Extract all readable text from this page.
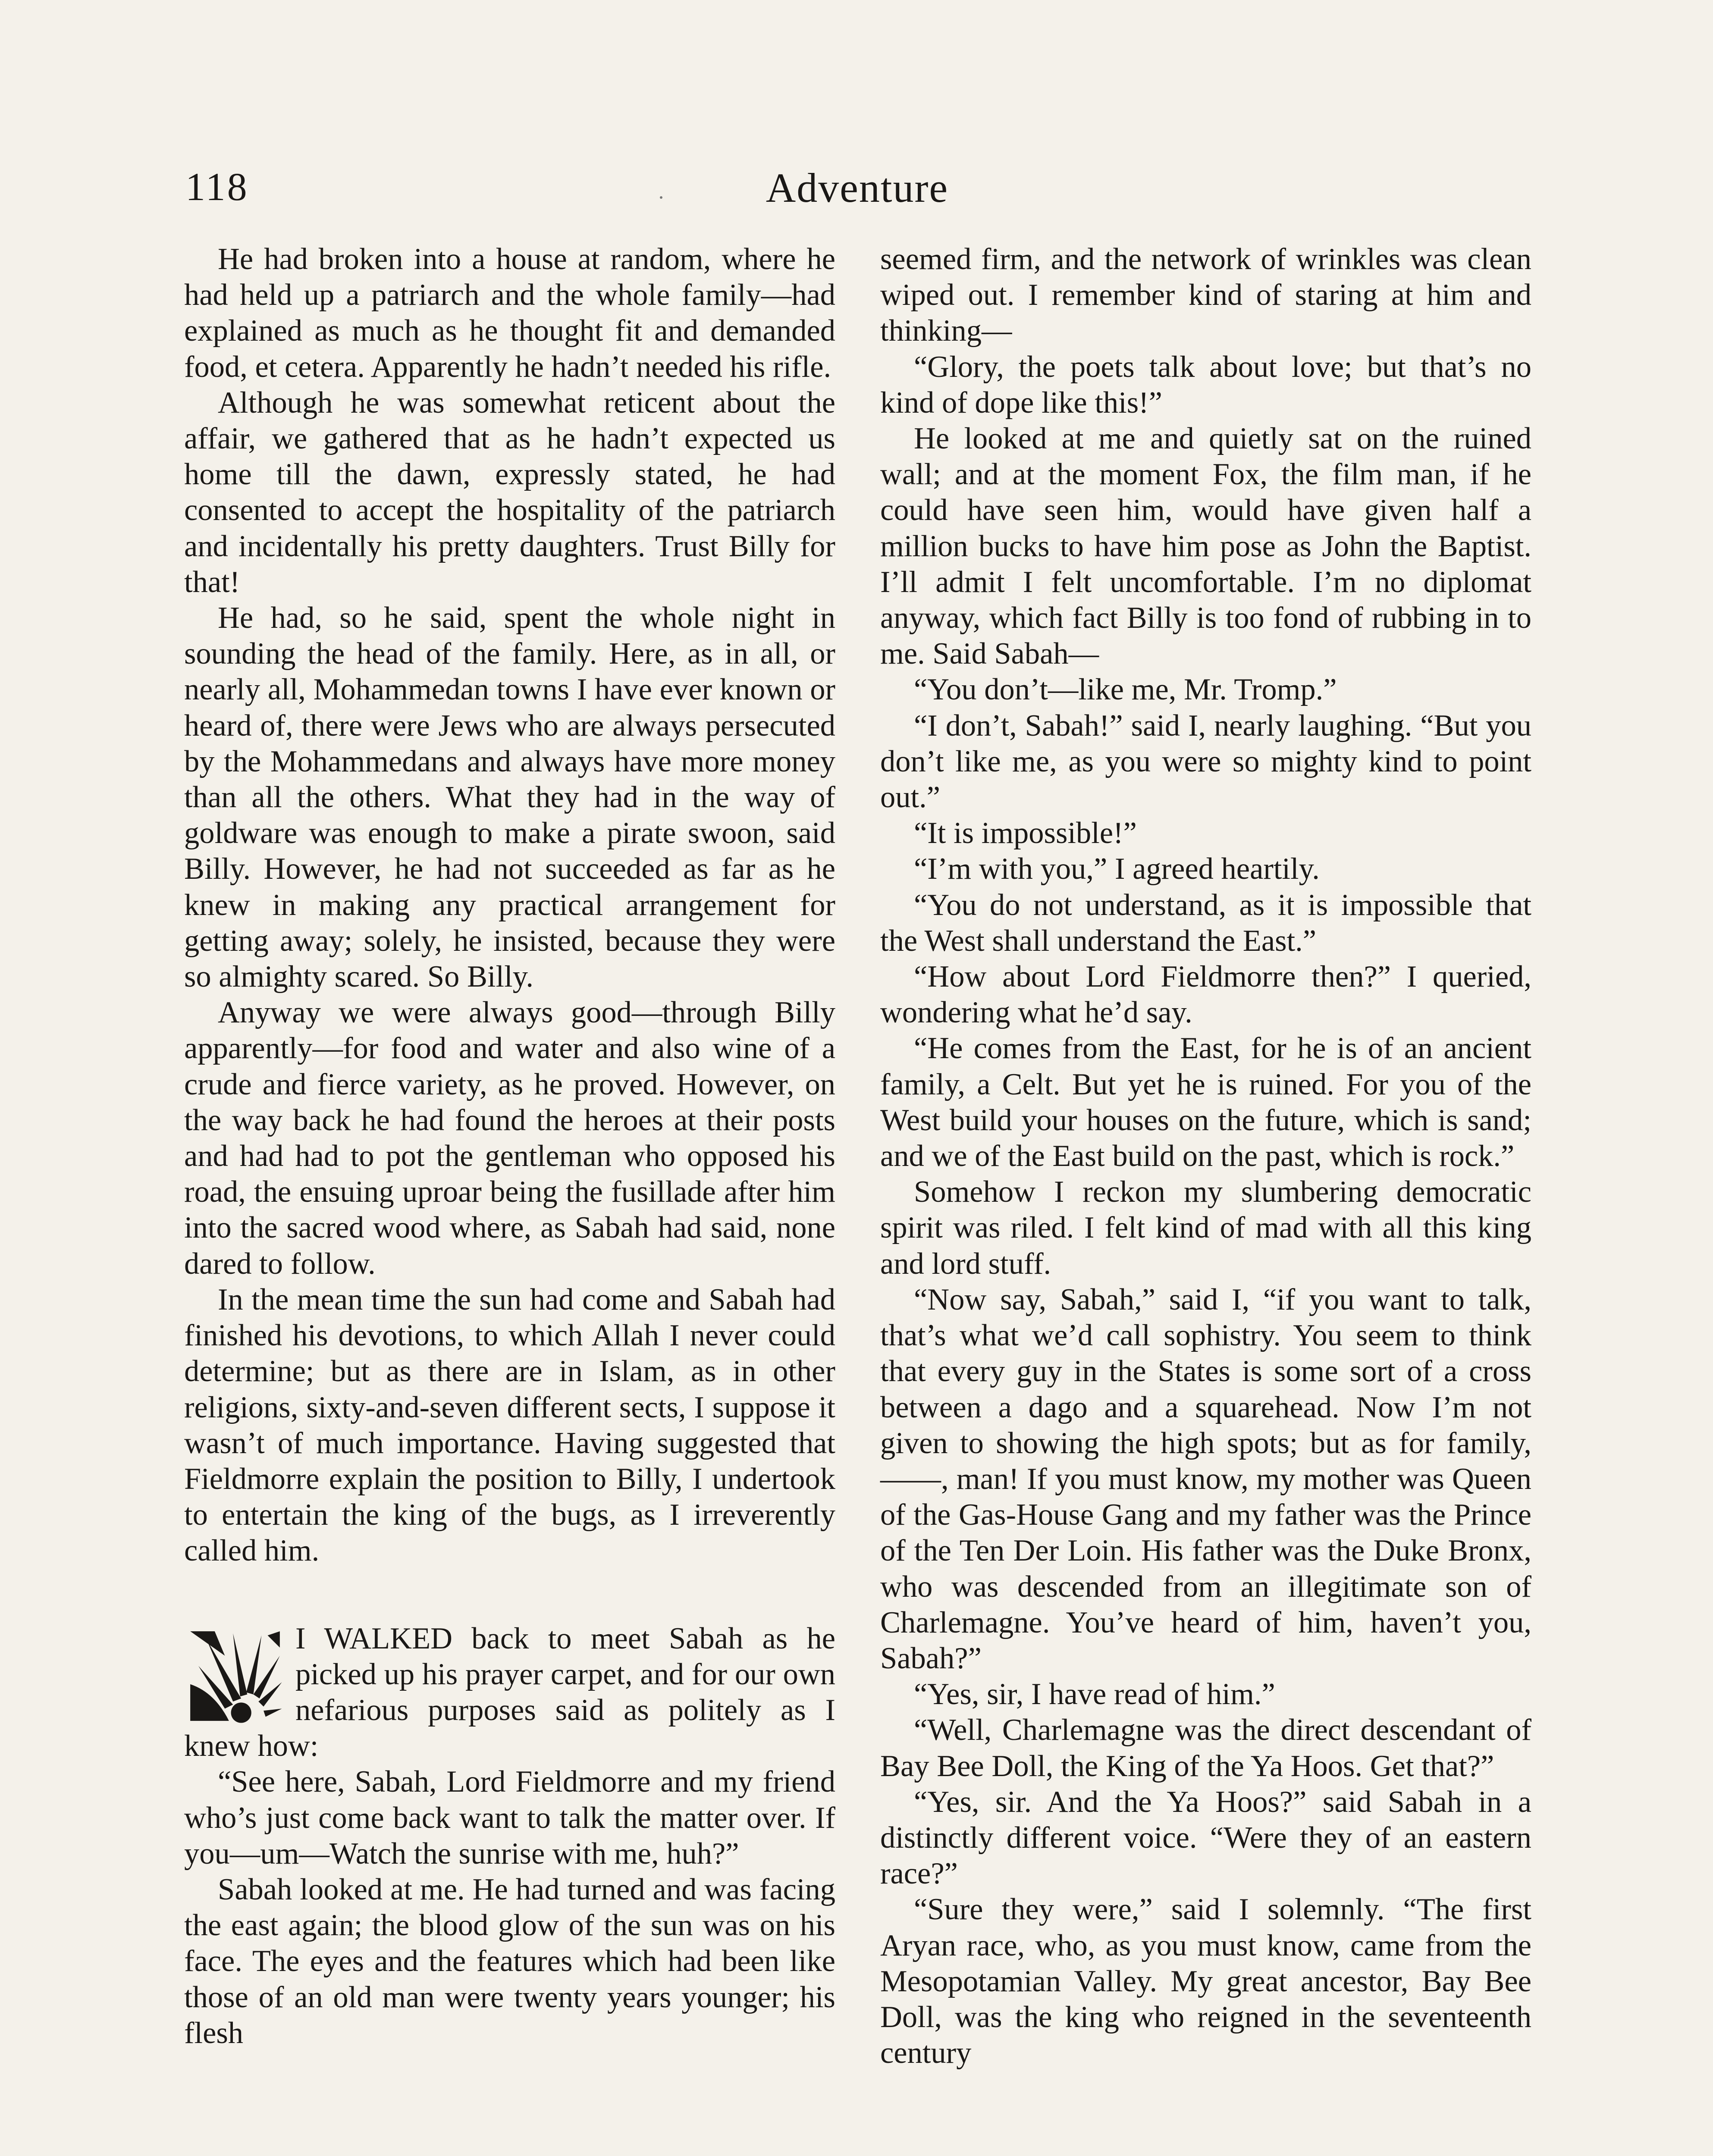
118	Adventure

He had broken into a house at random, where he had held up a patriarch and the whole family—had explained as much as he thought fit and demanded food, et cetera. Apparently he hadn’t needed his rifle.

Although he was somewhat reticent about the affair, we gathered that as he hadn’t expected us home till the dawn, expressly stated, he had consented to accept the hospitality of the patriarch and incidentally his pretty daughters. Trust Billy for that!

He had, so he said, spent the whole night in sounding the head of the family. Here, as in all, or nearly all, Mohammedan towns I have ever known or heard of, there were Jews who are always persecuted by the Mohammedans and always have more money than all the others. What they had in the way of goldware was enough to make a pirate swoon, said Billy. However, he had not succeeded as far as he knew in making any practical arrangement for getting away; solely, he insisted, because they were so almighty scared. So Billy.

Anyway we were always good—through Billy apparently—for food and water and also wine of a crude and fierce variety, as he proved. However, on the way back he had found the heroes at their posts and had had to pot the gentleman who opposed his road, the ensuing uproar being the fusillade after him into the sacred wood where, as Sabah had said, none dared to follow.

In the mean time the sun had come and Sabah had finished his devotions, to which Allah I never could determine; but as there are in Islam, as in other religions, sixty-and-seven different sects, I suppose it wasn’t of much importance. Having suggested that Fieldmorre explain the position to Billy, I undertook to entertain the king of the bugs, as I irreverently called him.

I WALKED back to meet Sabah as he picked up his prayer carpet, and for our own nefarious purposes said as politely as I knew how:

“See here, Sabah, Lord Fieldmorre and my friend who’s just come back want to talk the matter over. If you—um—Watch the sunrise with me, huh?”

Sabah looked at me. He had turned and was facing the east again; the blood glow of the sun was on his face. The eyes and the features which had been like those of an old man were twenty years younger; his flesh

seemed firm, and the network of wrinkles was clean wiped out. I remember kind of staring at him and thinking—

“Glory, the poets talk about love; but that’s no kind of dope like this!”

He looked at me and quietly sat on the ruined wall; and at the moment Fox, the film man, if he could have seen him, would have given half a million bucks to have him pose as John the Baptist. I’ll admit I felt uncomfortable. I’m no diplomat anyway, which fact Billy is too fond of rubbing in to me. Said Sabah—

“You don’t—like me, Mr. Tromp.”

“I don’t, Sabah!” said I, nearly laughing. “But you don’t like me, as you were so mighty kind to point out.”

“It is impossible!”

“I’m with you,” I agreed heartily.

“You do not understand, as it is impossible that the West shall understand the East.”

“How about Lord Fieldmorre then?” I queried, wondering what he’d say.

“He comes from the East, for he is of an ancient family, a Celt. But yet he is ruined. For you of the West build your houses on the future, which is sand; and we of the East build on the past, which is rock.”

Somehow I reckon my slumbering democratic spirit was riled. I felt kind of mad with all this king and lord stuff.

“Now say, Sabah,” said I, “if you want to talk, that’s what we’d call sophistry. You seem to think that every guy in the States is some sort of a cross between a dago and a squarehead. Now I’m not given to showing the high spots; but as for family, ——, man! If you must know, my mother was Queen of the Gas-House Gang and my father was the Prince of the Ten Der Loin. His father was the Duke Bronx, who was descended from an illegitimate son of Charlemagne. You’ve heard of him, haven’t you, Sabah?”

“Yes, sir, I have read of him.”

“Well, Charlemagne was the direct descendant of Bay Bee Doll, the King of the Ya Hoos. Get that?”

“Yes, sir. And the Ya Hoos?” said Sabah in a distinctly different voice. “Were they of an eastern race?”

“Sure they were,” said I solemnly. “The first Aryan race, who, as you must know, came from the Mesopotamian Valley. My great ancestor, Bay Bee Doll, was the king who reigned in the seventeenth century
